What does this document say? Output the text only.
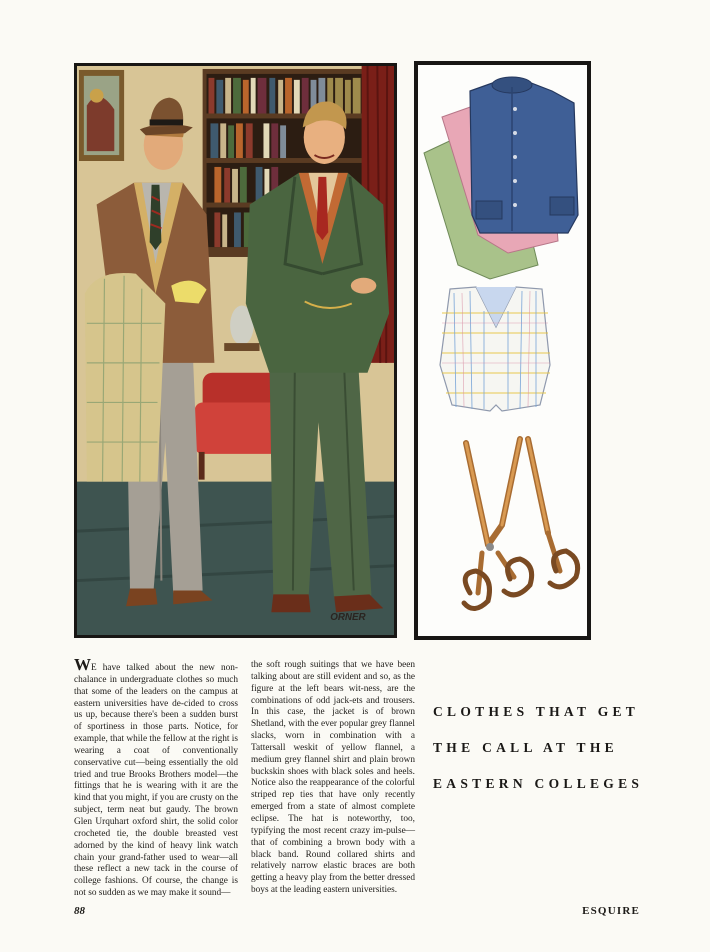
ORNER
WE have talked about the new non-chalance in undergraduate clothes so much that some of the leaders on the campus at eastern universities have de-cided to cross us up, because there's been a sudden burst of sportiness in those parts. Notice, for example, that while the fellow at the right is wearing a coat of conventionally conservative cut—being essentially the old tried and true Brooks Brothers model—the fittings that he is wearing with it are the kind that you might, if you are crusty on the subject, term neat but gaudy. The brown Glen Urquhart oxford shirt, the solid color crocheted tie, the double breasted vest adorned by the kind of heavy link watch chain your grand-father used to wear—all these reflect a new tack in the course of college fashions. Of course, the change is not so sudden as we may make it sound—
the soft rough suitings that we have been talking about are still evident and so, as the figure at the left bears wit-ness, are the combinations of odd jack-ets and trousers. In this case, the jacket is of brown Shetland, with the ever popular grey flannel slacks, worn in combination with a Tattersall weskit of yellow flannel, a medium grey flannel shirt and plain brown buckskin shoes with black soles and heels. Notice also the reappearance of the colorful striped rep ties that have only recently emerged from a state of almost complete eclipse. The hat is noteworthy, too, typifying the most recent crazy im-pulse—that of combining a brown body with a black band. Round collared shirts and relatively narrow elastic braces are both getting a heavy play from the better dressed boys at the leading eastern universities.
CLOTHES THAT GET
THE CALL AT THE
EASTERN COLLEGES
88	ESQUIRE
